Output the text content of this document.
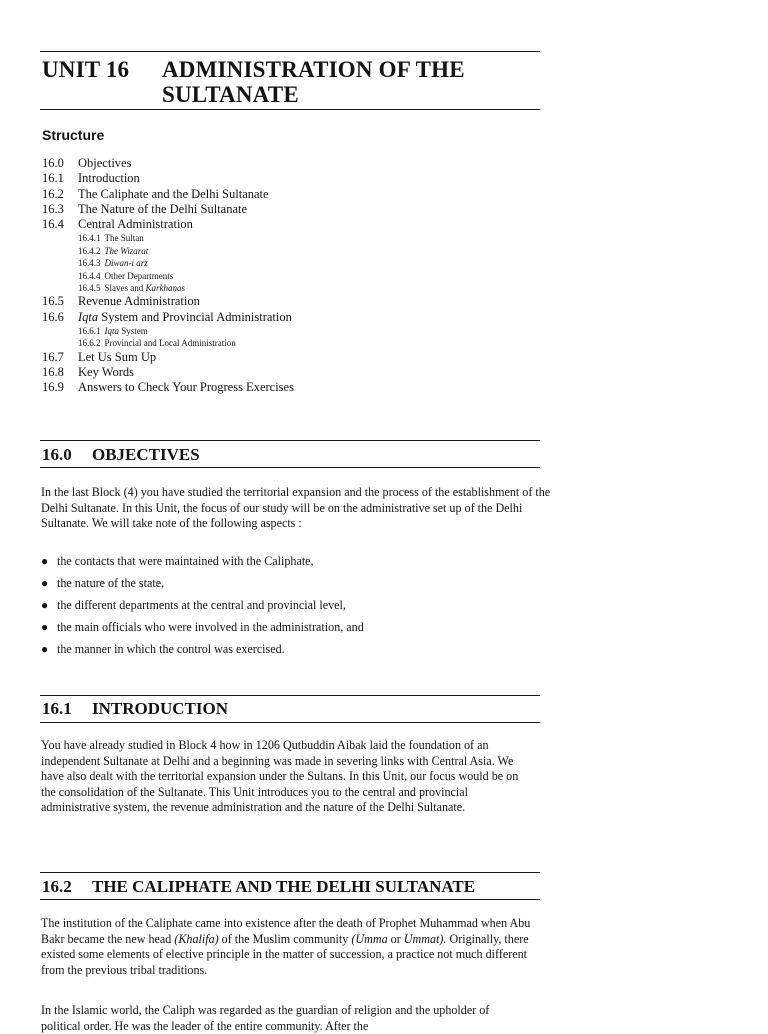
UNIT 16 ADMINISTRATION OF THE
SULTANATE
Structure
16.0 Objectives
16.1 Introduction
16.2 The Caliphate and the Delhi Sultanate
16.3 The Nature of the Delhi Sultanate
16.4 Central Administration
16.4.1 The Sultan
16.4.2 The Wizarat
16.4.3 Diwan-i arz
16.4.4 Other Departments
16.4.5 Slaves and Karkhanas
16.5 Revenue Administration
16.6 Iqta System and Provincial Administration
16.6.1 Iqta System
16.6.2 Provincial and Local Administration
16.7 Let Us Sum Up
16.8 Key Words
16.9 Answers to Check Your Progress Exercises
16.0 OBJECTIVES
In the last Block (4) you have studied the territorial expansion and the process of the establishment of the Delhi Sultanate. In this Unit, the focus of our study will be on the administrative set up of the Delhi Sultanate. We will take note of the following aspects :
● the contacts that were maintained with the Caliphate,
● the nature of the state,
● the different departments at the central and provincial level,
● the main officials who were involved in the administration, and
● the manner in which the control was exercised.
16.1 INTRODUCTION
You have already studied in Block 4 how in 1206 Qutbuddin Aibak laid the foundation of an independent Sultanate at Delhi and a beginning was made in severing links with Central Asia. We have also dealt with the territorial expansion under the Sultans. In this Unit, our focus would be on the consolidation of the Sultanate. This Unit introduces you to the central and provincial administrative system, the revenue administration and the nature of the Delhi Sultanate.
16.2 THE CALIPHATE AND THE DELHI SULTANATE
The institution of the Caliphate came into existence after the death of Prophet Muhammad when Abu Bakr became the new head (Khalifa) of the Muslim community (Umma or Ummat). Originally, there existed some elements of elective principle in the matter of succession, a practice not much different from the previous tribal traditions.
In the Islamic world, the Caliph was regarded as the guardian of religion and the upholder of political order. He was the leader of the entire community. After the
